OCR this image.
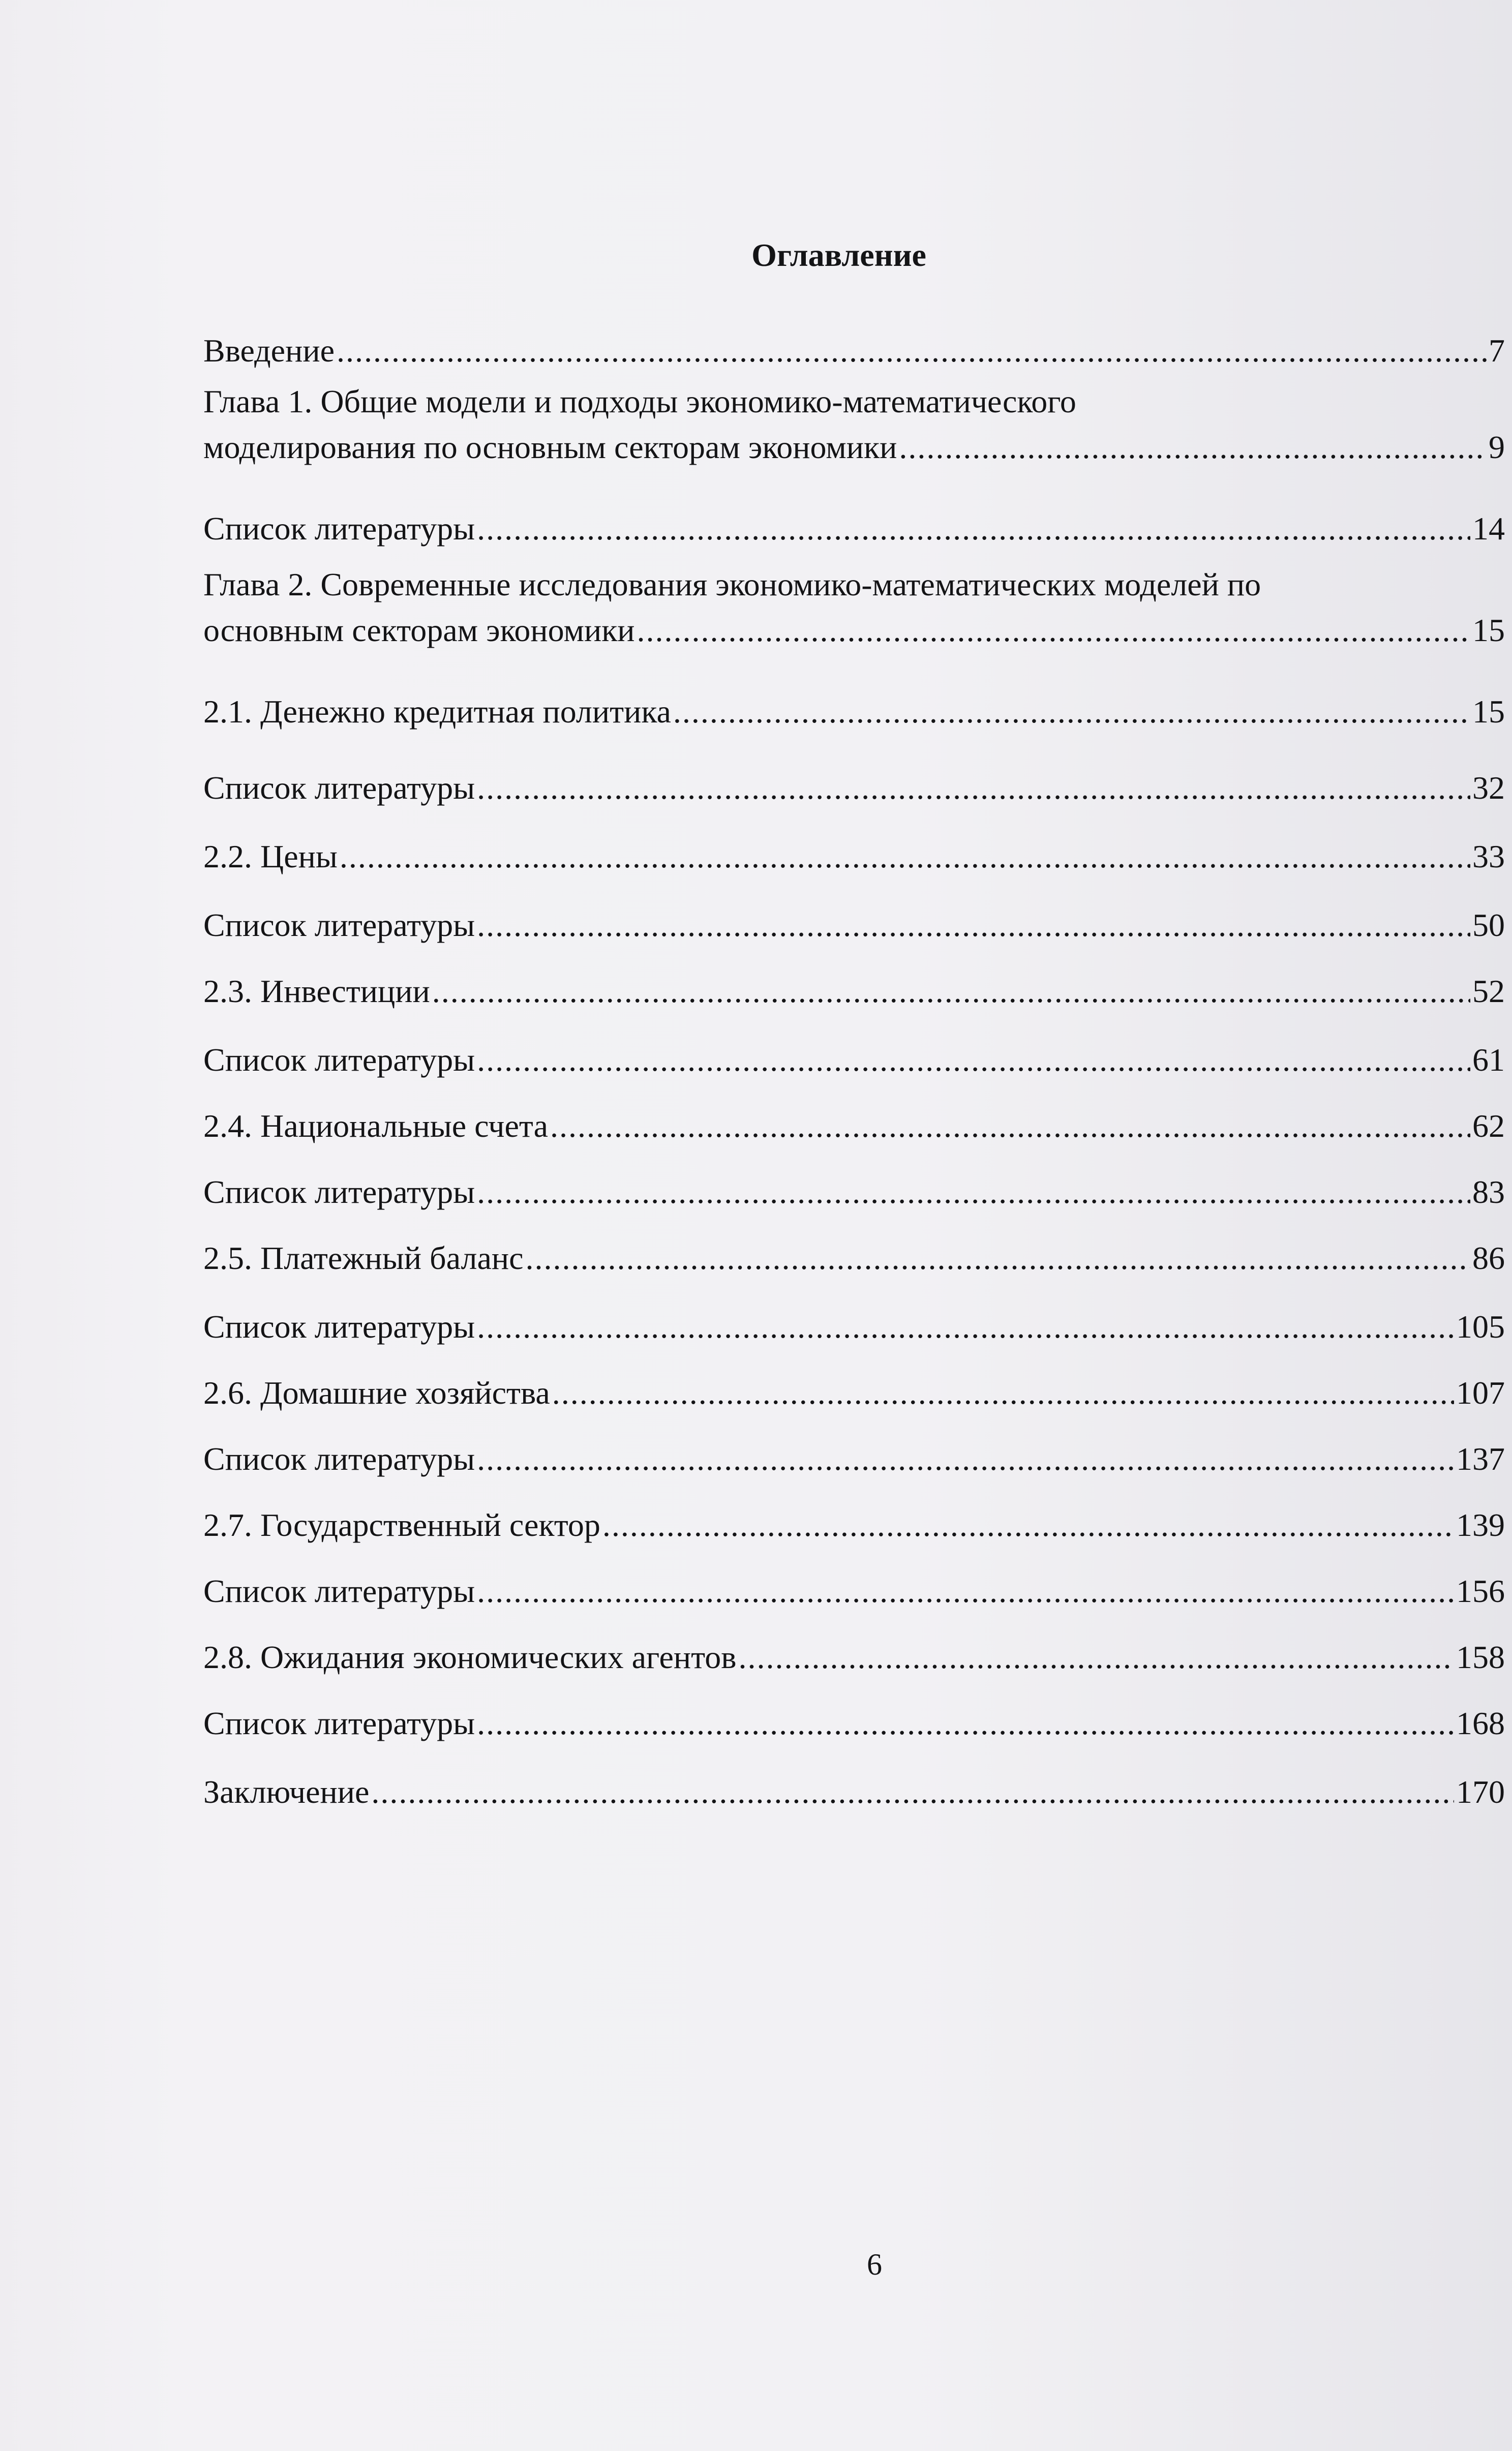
Оглавление
Введение .....	7
Глава 1. Общие модели и подходы экономико-математического
моделирования по основным секторам экономики .....	9
Список литературы .....	14
Глава 2. Современные исследования экономико-математических моделей по
основным секторам экономики .....	15
2.1. Денежно кредитная политика .....	15
Список литературы .....	32
2.2. Цены .....	33
Список литературы .....	50
2.3. Инвестиции .....	52
Список литературы .....	61
2.4. Национальные счета .....	62
Список литературы .....	83
2.5. Платежный баланс .....	86
Список литературы .....	105
2.6. Домашние хозяйства .....	107
Список литературы .....	137
2.7. Государственный сектор .....	139
Список литературы .....	156
2.8. Ожидания экономических агентов .....	158
Список литературы .....	168
Заключение .....	170
6
